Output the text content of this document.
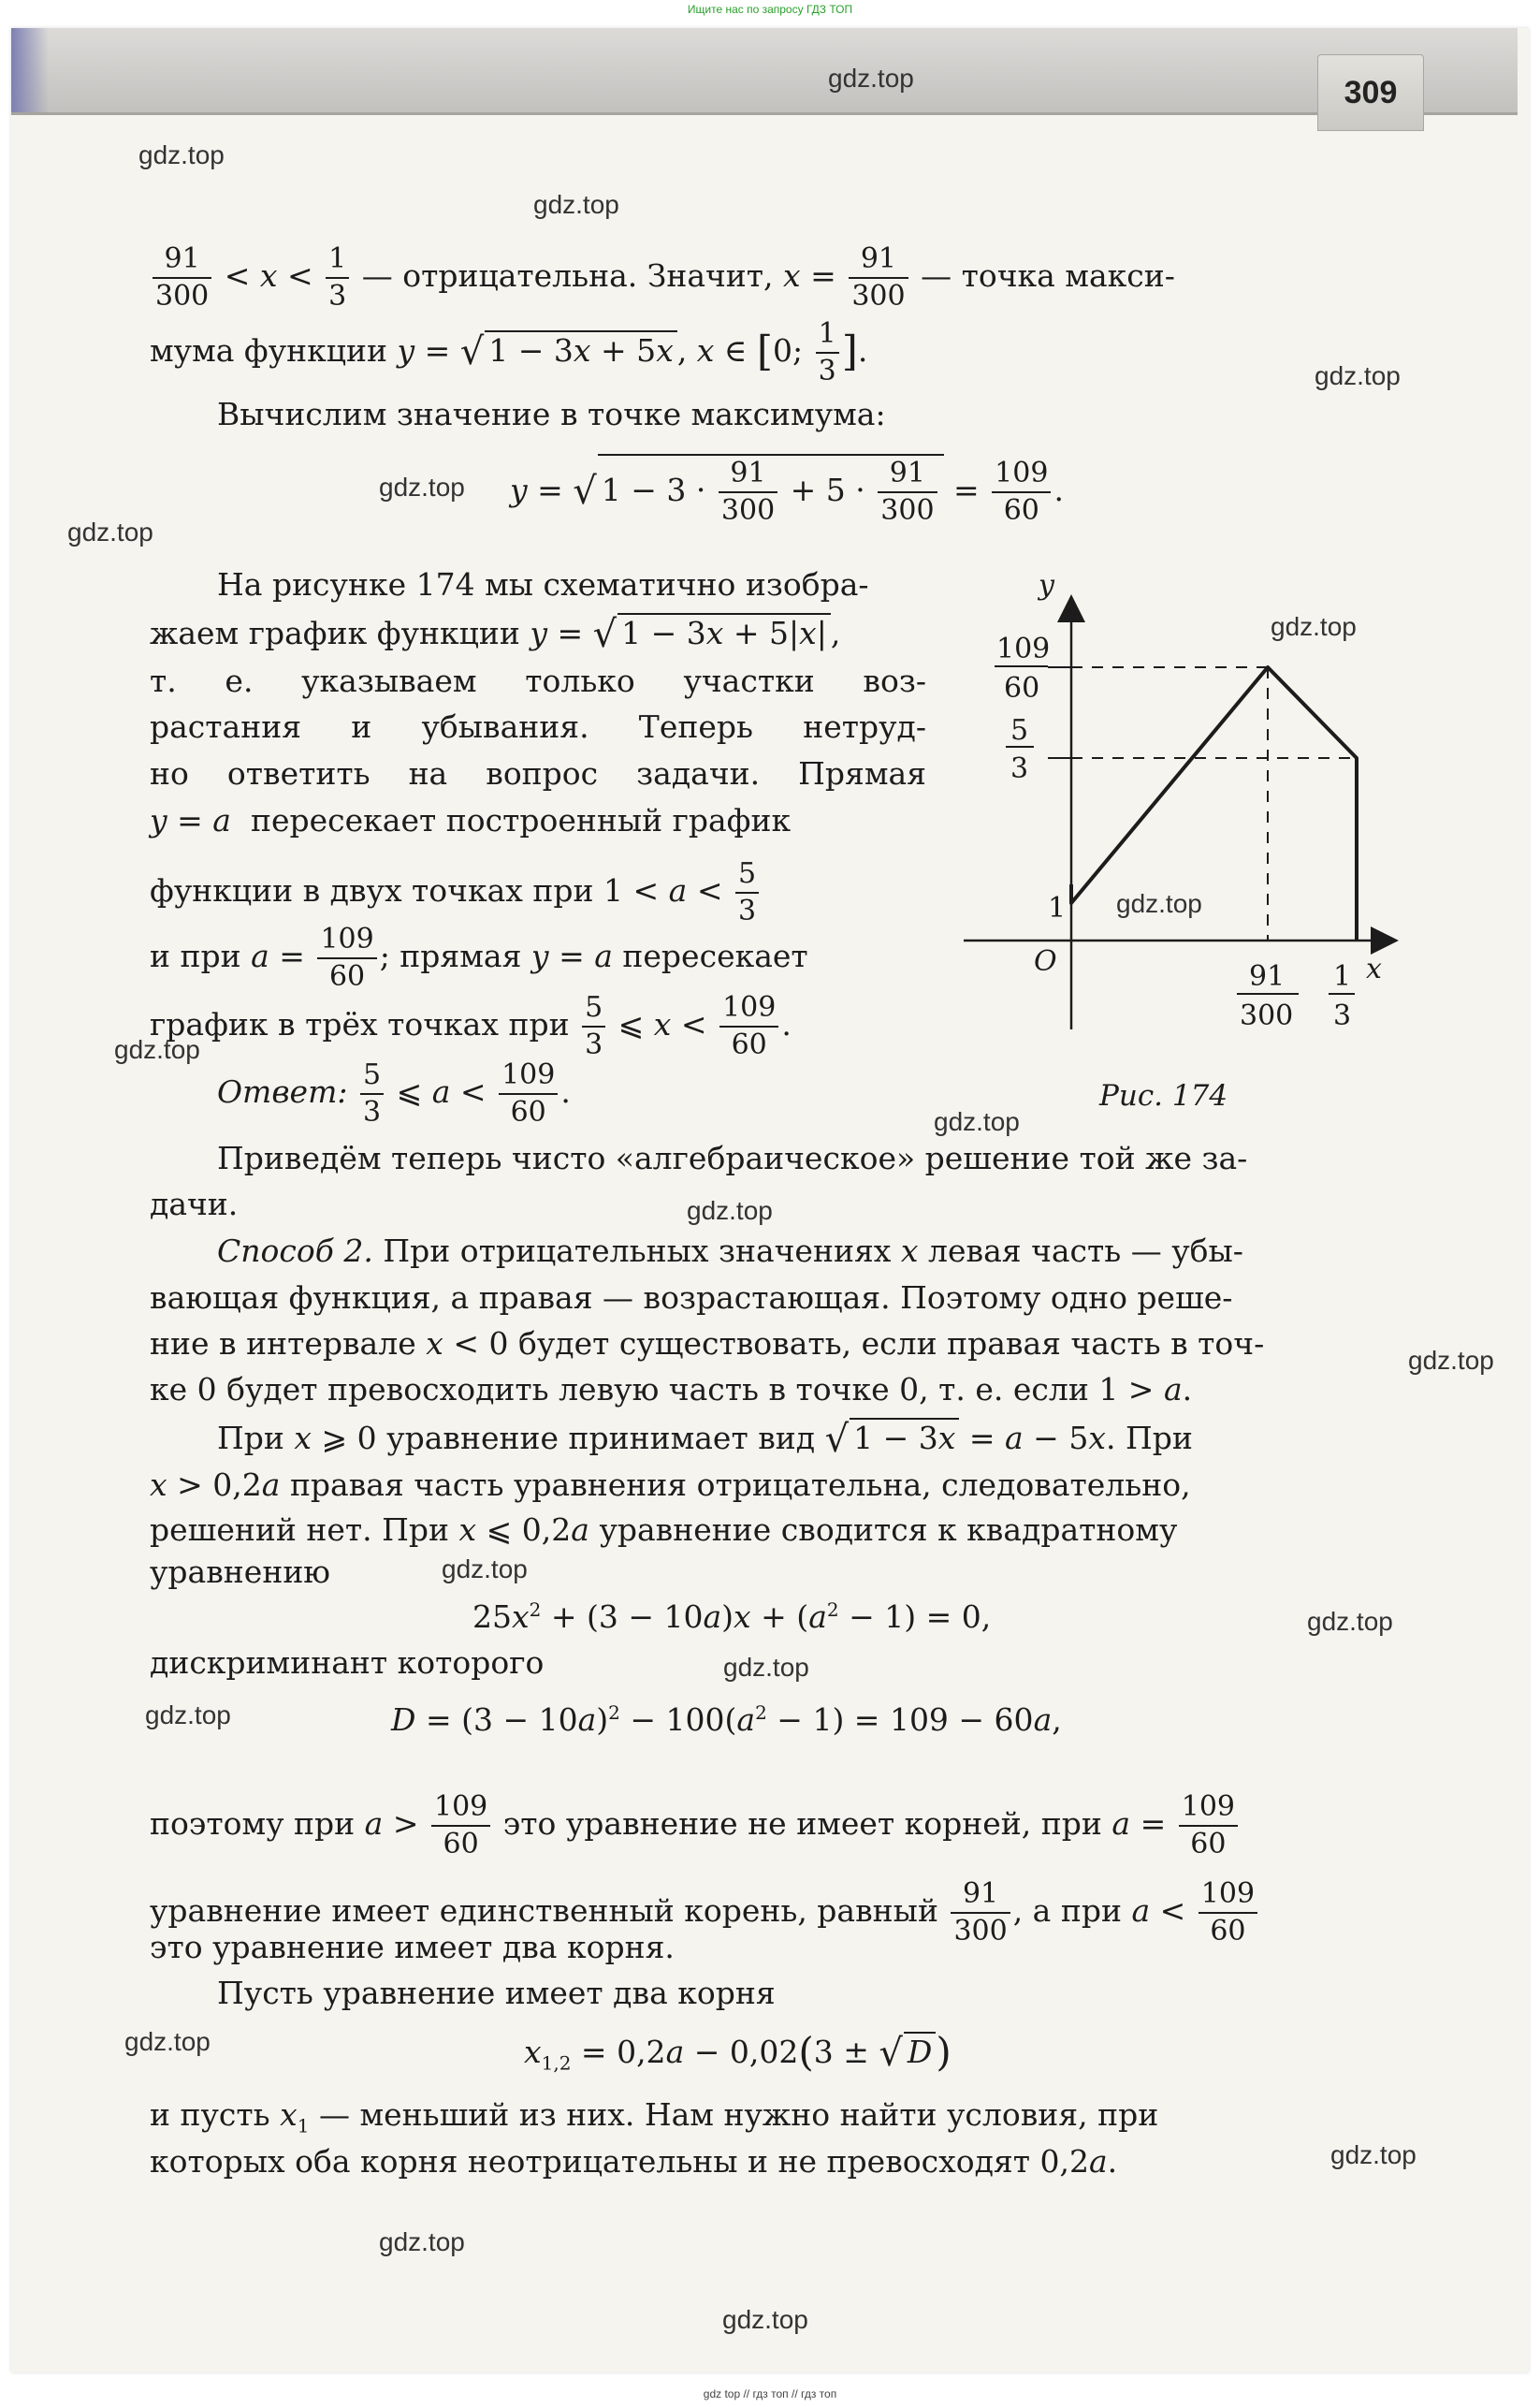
Ищите нас по запросу ГДЗ ТОП
309
gdz.top
gdz.top
gdz.top
gdz.top
gdz.top
gdz.top
gdz.top
gdz.top
gdz.top
gdz.top
gdz.top
gdz.top
gdz.top
gdz.top
gdz.top
gdz.top
gdz.top
gdz.top
gdz.top
gdz.top
$\frac{91}{300} < x < \frac{1}{3}$ — отрицательна. Значит, $x = \frac{91}{300}$ — точка макси-
мума функции y = √ 1 − 3x + 5x , x ∈ [0; $\frac{1}{3}$ ].
Вычислим значение в точке максимума:
y = √ $1 - 3 \cdot \frac{91}{300} + 5 \cdot \frac{91}{300} = \frac{109}{60}$ .
На рисунке 174 мы схематично изобра-
жаем график функции y = √ 1 − 3x + 5|x| ,
т. е. указываем только участки воз-
растания и убывания. Теперь нетруд-
но ответить на вопрос задачи. Прямая
y = a пересекает построенный график
функции в двух точках при $1 < a < \frac{5}{3}$
и при $a = \frac{109}{60}$ ; прямая y = a пересекает
график в трёх точках при $\frac{5}{3}$ ⩽ $x < \frac{109}{60}$ .
Ответ: $\frac{5}{3}$ ⩽ $a < \frac{109}{60}$ .
y
x
O
1
109
60
5
3
91
300
1
3
Рис. 174
Приведём теперь чисто «алгебраическое» решение той же за-
дачи.
Способ 2. При отрицательных значениях x левая часть — убы-
вающая функция, а правая — возрастающая. Поэтому одно реше-
ние в интервале x < 0 будет существовать, если правая часть в точ-
ке 0 будет превосходить левую часть в точке 0, т. е. если 1 > a.
При x ⩾ 0 уравнение принимает вид √ 1 − 3x = a − 5x. При
x > 0,2a правая часть уравнения отрицательна, следовательно,
решений нет. При x ⩽ 0,2a уравнение сводится к квадратному
уравнению
$25x^2 + (3 - 10a)x + (a^2 - 1) = 0$,
дискриминант которого
$D = (3 - 10a)^2 - 100(a^2 - 1) = 109 - 60a$,
поэтому при $a > \frac{109}{60}$ это уравнение не имеет корней, при $a = \frac{109}{60}$
уравнение имеет единственный корень, равный $\frac{91}{300}$ , а при $a < \frac{109}{60}$
это уравнение имеет два корня.
Пусть уравнение имеет два корня
$x_{1,2} = 0,2a - 0,02(3$ ± √ D)
и пусть $x_1$ — меньший из них. Нам нужно найти условия, при
которых оба корня неотрицательны и не превосходят 0,2a.
gdz top // гдз топ // гдз топ
